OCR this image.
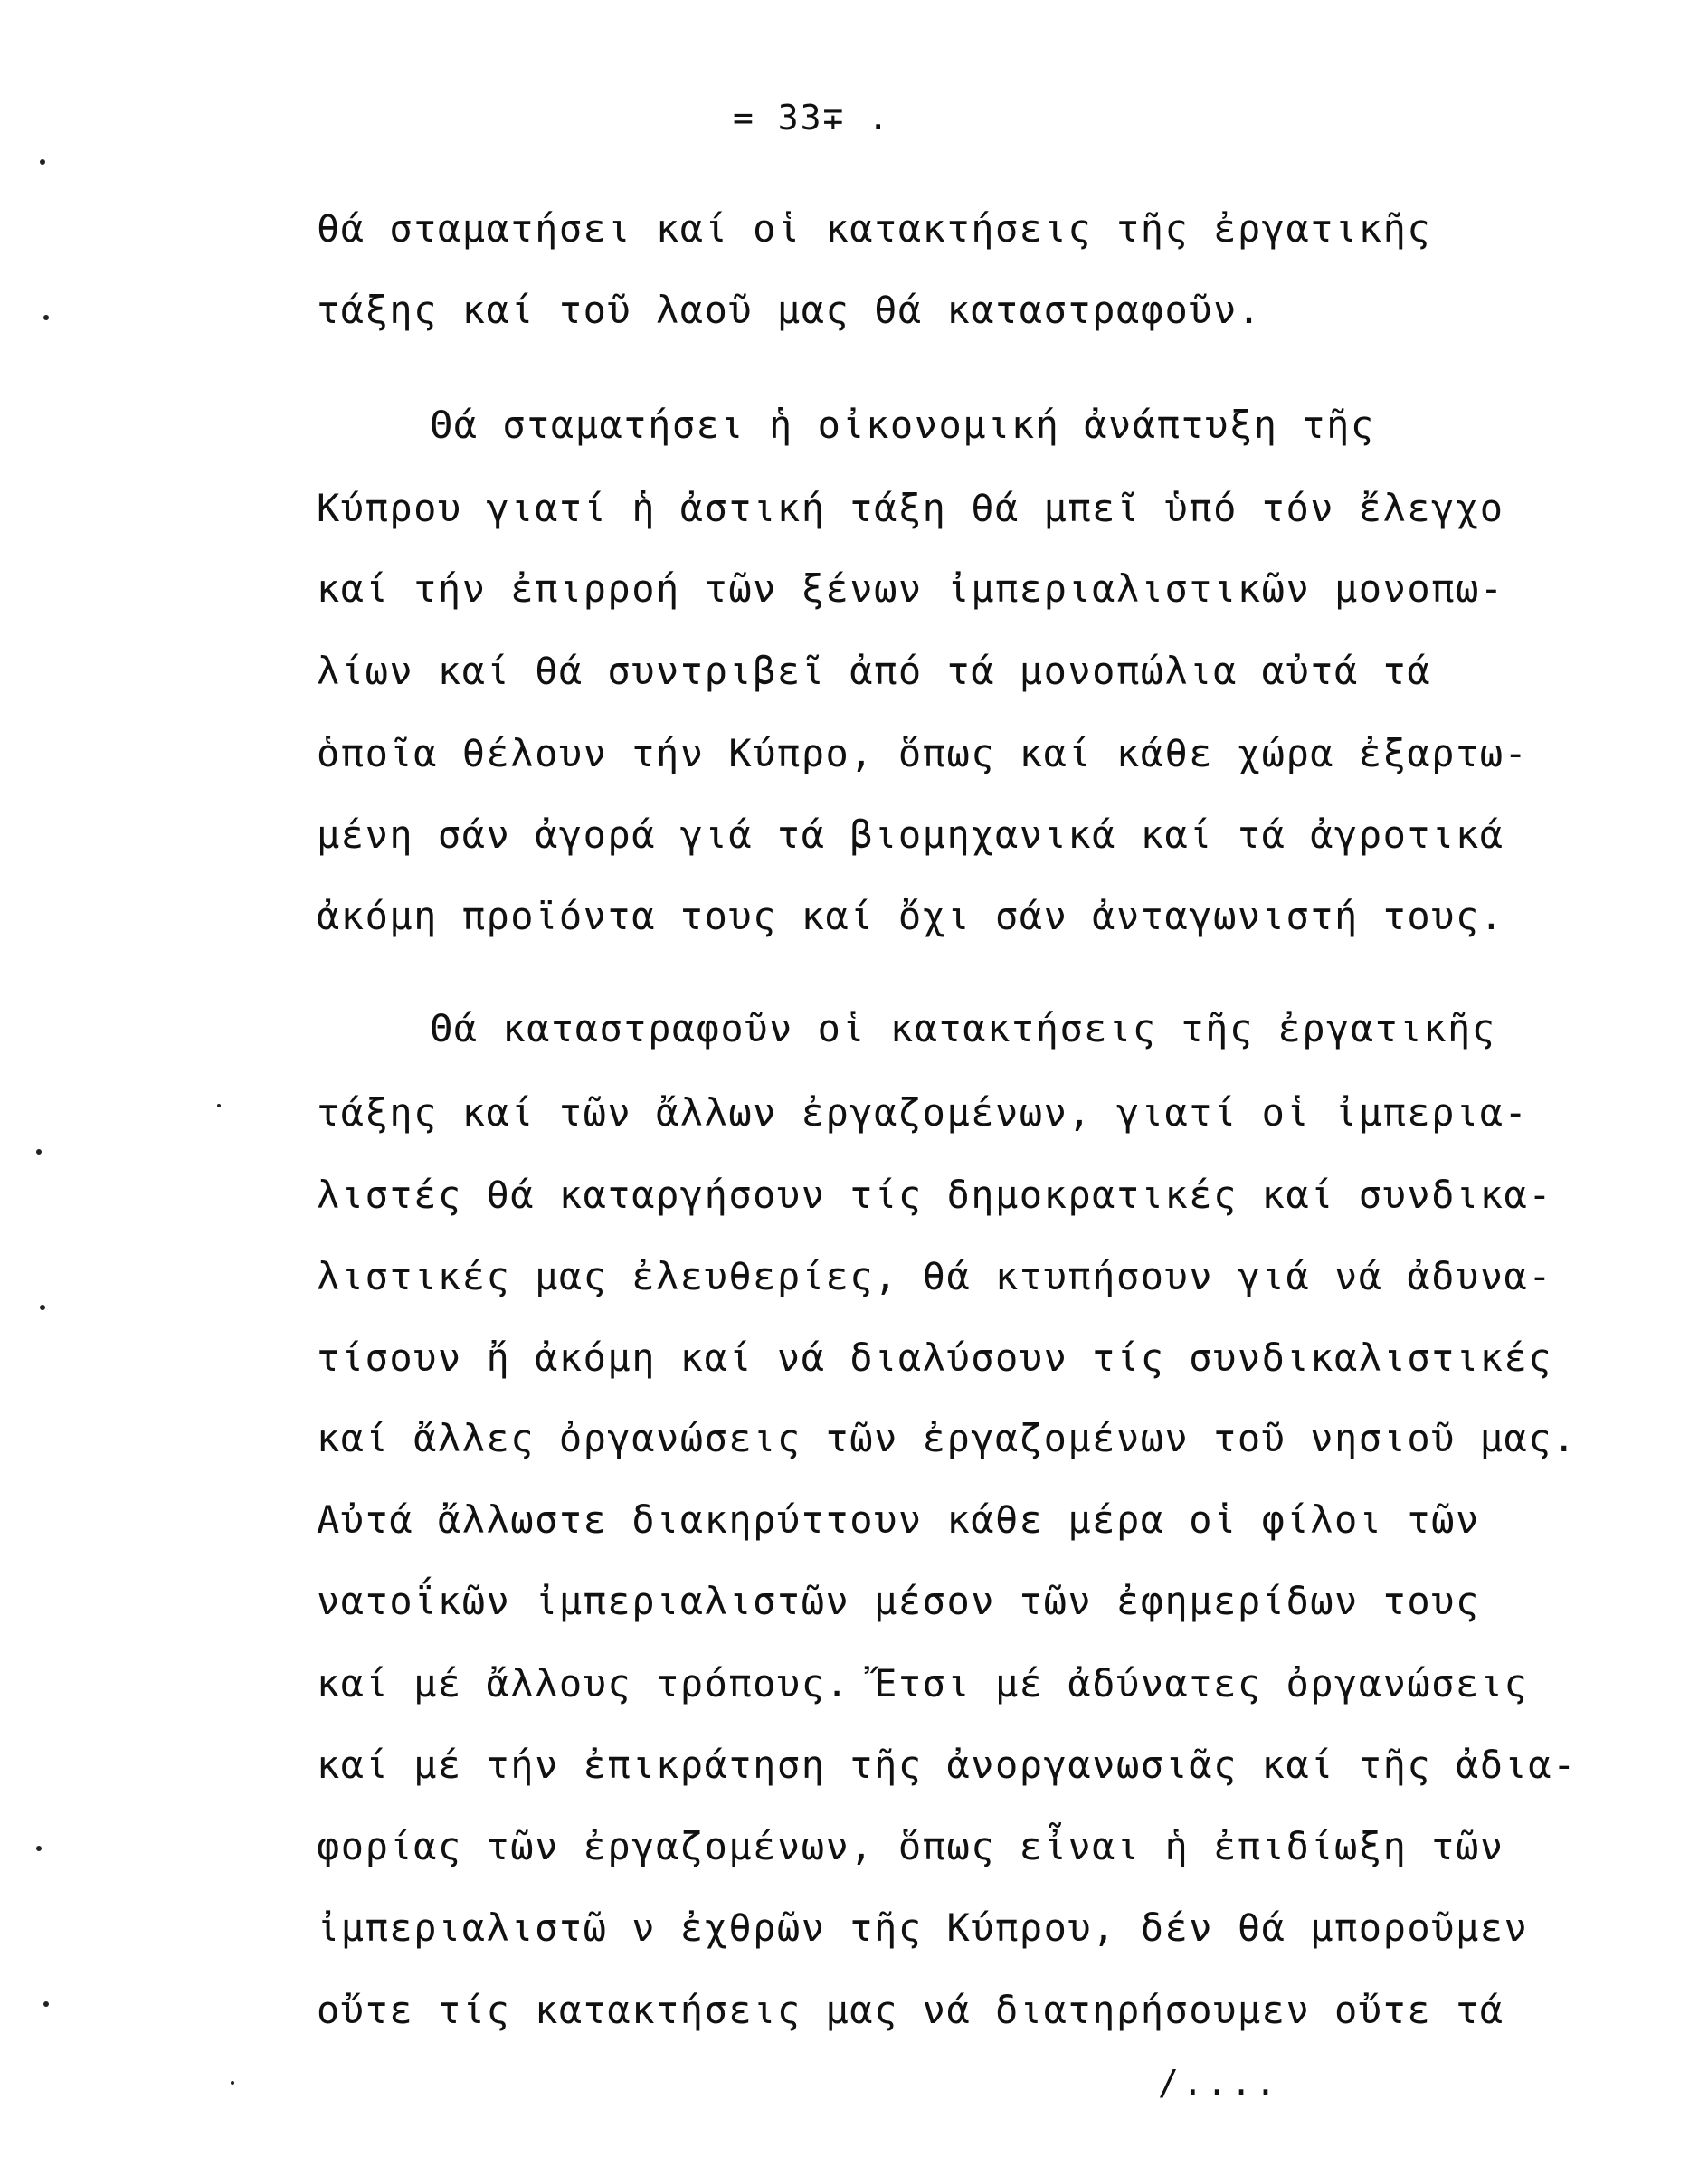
= 33∓ .
θά σταματήσει καί οἱ κατακτήσεις τῆς ἐργατικῆς
τάξης καί τοῦ λαοῦ μας θά καταστραφοῦν.
Θά σταματήσει ἡ οἰκονομική ἀνάπτυξη τῆς
Κύπρου γιατί ἡ ἀστική τάξη θά μπεῖ ὑπό τόν ἔλεγχο
καί τήν ἐπιρροή τῶν ξένων ἰμπεριαλιστικῶν μονοπω-
λίων καί θά συντριβεῖ ἀπό τά μονοπώλια αὐτά τά
ὁποῖα θέλουν τήν Κύπρο, ὅπως καί κάθε χώρα ἐξαρτω-
μένη σάν ἀγορά γιά τά βιομηχανικά καί τά ἀγροτικά
ἀκόμη προϊόντα τους καί ὄχι σάν ἀνταγωνιστή τους.
Θά καταστραφοῦν οἱ κατακτήσεις τῆς ἐργατικῆς
τάξης καί τῶν ἄλλων ἐργαζομένων, γιατί οἱ ἰμπερια-
λιστές θά καταργήσουν τίς δημοκρατικές καί συνδικα-
λιστικές μας ἐλευθερίες, θά κτυπήσουν γιά νά ἀδυνα-
τίσουν ἤ ἀκόμη καί νά διαλύσουν τίς συνδικαλιστικές
καί ἄλλες ὀργανώσεις τῶν ἐργαζομένων τοῦ νησιοῦ μας.
Αὐτά ἄλλωστε διακηρύττουν κάθε μέρα οἱ φίλοι τῶν
νατοΐκῶν ἰμπεριαλιστῶν μέσον τῶν ἐφημερίδων τους
καί μέ ἄλλους τρόπους. Ἔτσι μέ ἀδύνατες ὀργανώσεις
καί μέ τήν ἐπικράτηση τῆς ἀνοργανωσιᾶς καί τῆς ἀδια-
φορίας τῶν ἐργαζομένων, ὅπως εἶναι ἡ ἐπιδίωξη τῶν
ἰμπεριαλιστῶ ν ἐχθρῶν τῆς Κύπρου, δέν θά μποροῦμεν
οὔτε τίς κατακτήσεις μας νά διατηρήσουμεν οὔτε τά
/....
